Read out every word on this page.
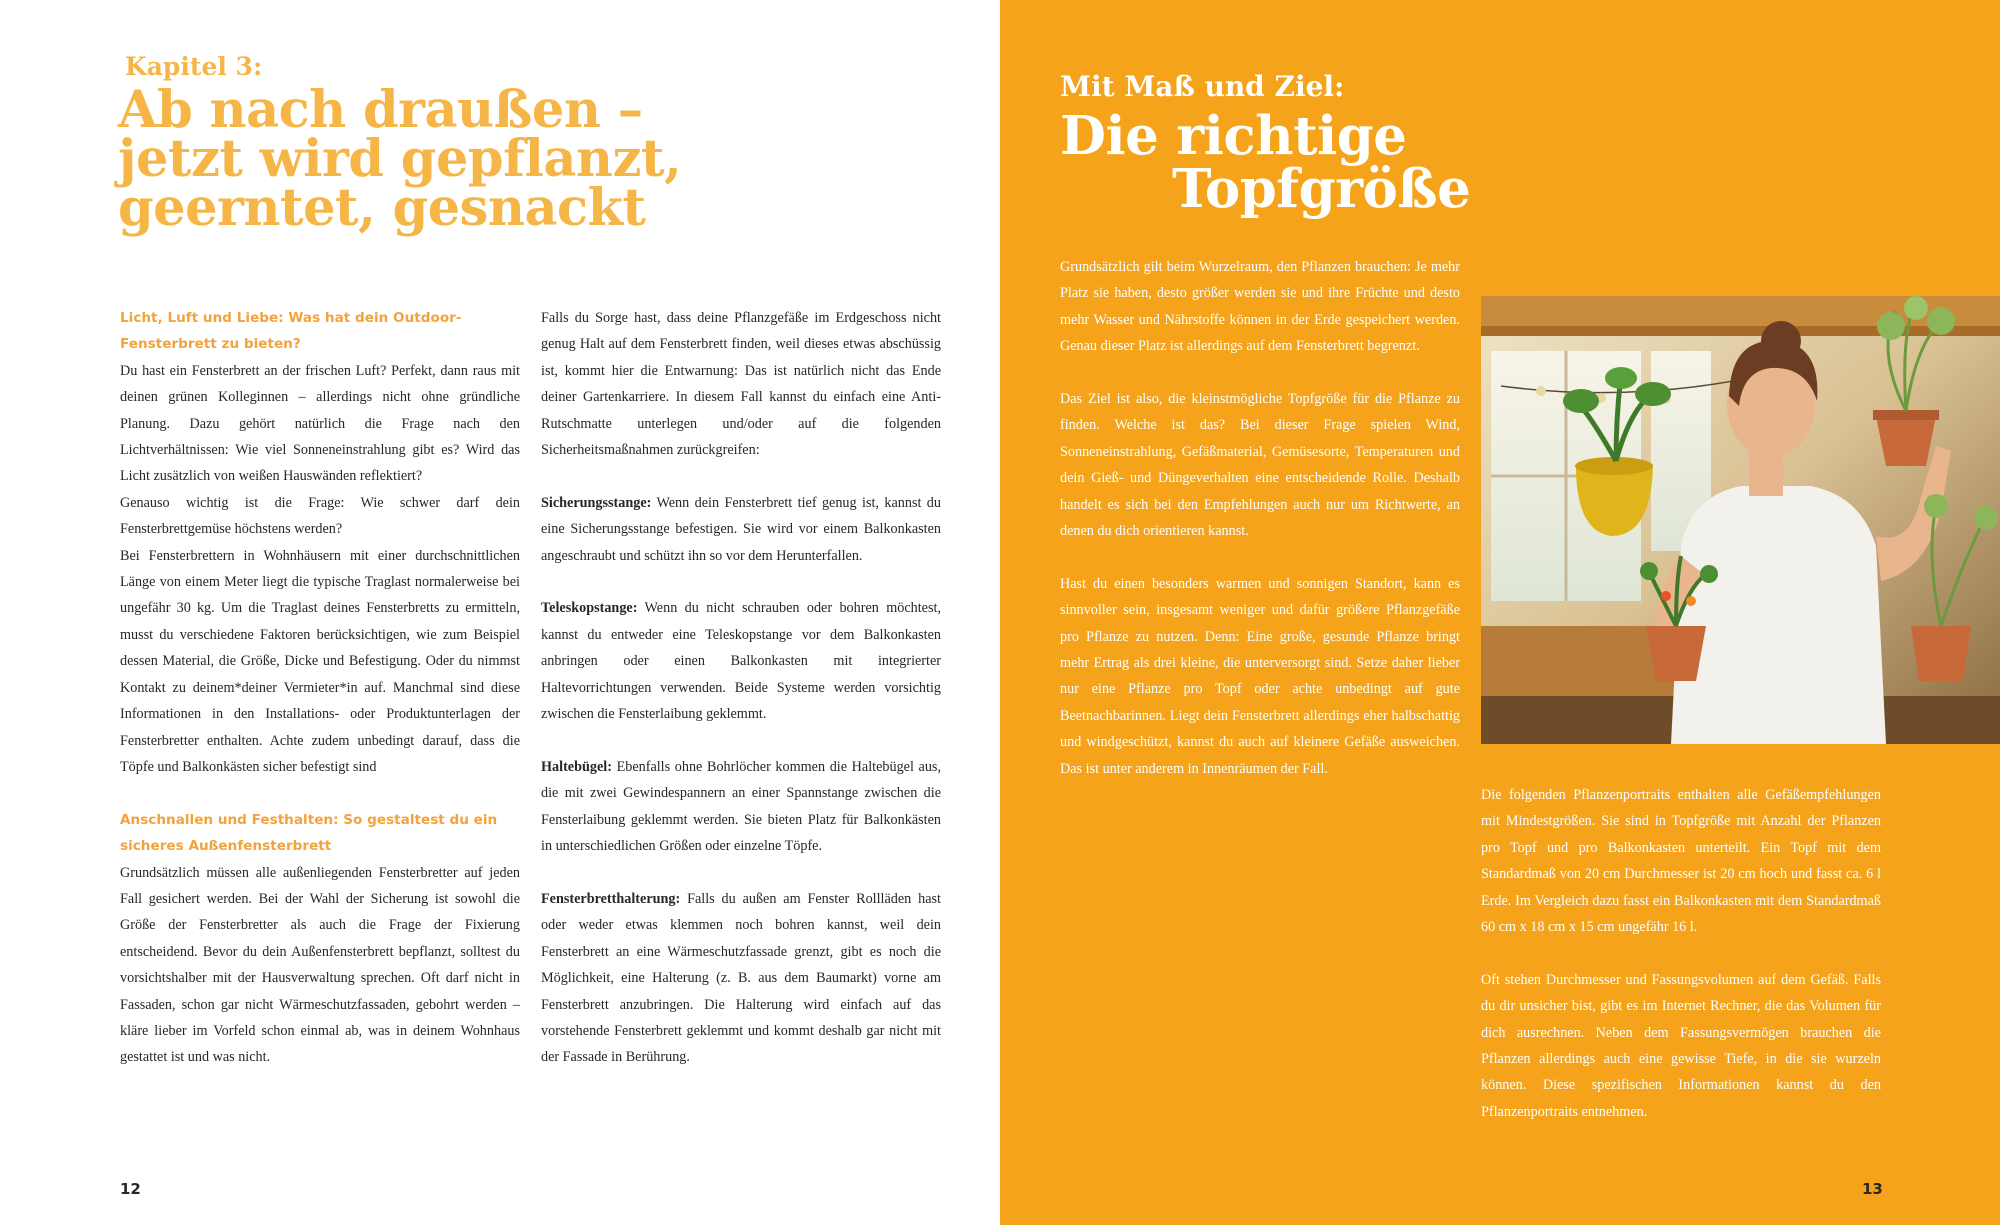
Kapitel 3:
Ab nach draußen –
jetzt wird gepflanzt,
geerntet, gesnackt

Licht, Luft und Liebe: Was hat dein Outdoor-Fensterbrett zu bieten?

Du hast ein Fensterbrett an der frischen Luft? Perfekt, dann raus mit deinen grünen Kolleginnen – allerdings nicht ohne gründliche Planung. Dazu gehört natürlich die Frage nach den Lichtverhältnissen: Wie viel Sonneneinstrahlung gibt es? Wird das Licht zusätzlich von weißen Hauswänden reflektiert?

Genauso wichtig ist die Frage: Wie schwer darf dein Fensterbrettgemüse höchstens werden?

Bei Fensterbrettern in Wohnhäusern mit einer durchschnittlichen Länge von einem Meter liegt die typische Traglast normalerweise bei ungefähr 30 kg. Um die Traglast deines Fensterbretts zu ermitteln, musst du verschiedene Faktoren berücksichtigen, wie zum Beispiel dessen Material, die Größe, Dicke und Befestigung. Oder du nimmst Kontakt zu deinem*deiner Vermieter*in auf. Manchmal sind diese Informationen in den Installations- oder Produktunterlagen der Fensterbretter enthalten. Achte zudem unbedingt darauf, dass die Töpfe und Balkonkästen sicher befestigt sind

Anschnallen und Festhalten: So gestaltest du ein sicheres Außenfensterbrett

Grundsätzlich müssen alle außenliegenden Fensterbretter auf jeden Fall gesichert werden. Bei der Wahl der Sicherung ist sowohl die Größe der Fensterbretter als auch die Frage der Fixierung entscheidend. Bevor du dein Außenfensterbrett bepflanzt, solltest du vorsichtshalber mit der Hausverwaltung sprechen. Oft darf nicht in Fassaden, schon gar nicht Wärmeschutzfassaden, gebohrt werden – kläre lieber im Vorfeld schon einmal ab, was in deinem Wohnhaus gestattet ist und was nicht.

Falls du Sorge hast, dass deine Pflanzgefäße im Erdgeschoss nicht genug Halt auf dem Fensterbrett finden, weil dieses etwas abschüssig ist, kommt hier die Entwarnung: Das ist natürlich nicht das Ende deiner Gartenkarriere. In diesem Fall kannst du einfach eine Anti-Rutschmatte unterlegen und/oder auf die folgenden Sicherheitsmaßnahmen zurückgreifen:

Sicherungsstange: Wenn dein Fensterbrett tief genug ist, kannst du eine Sicherungsstange befestigen. Sie wird vor einem Balkonkasten angeschraubt und schützt ihn so vor dem Herunterfallen.

Teleskopstange: Wenn du nicht schrauben oder bohren möchtest, kannst du entweder eine Teleskopstange vor dem Balkonkasten anbringen oder einen Balkonkasten mit integrierter Haltevorrichtungen verwenden. Beide Systeme werden vorsichtig zwischen die Fensterlaibung geklemmt.

Haltebügel: Ebenfalls ohne Bohrlöcher kommen die Haltebügel aus, die mit zwei Gewindespannern an einer Spannstange zwischen die Fensterlaibung geklemmt werden. Sie bieten Platz für Balkonkästen in unterschiedlichen Größen oder einzelne Töpfe.

Fensterbretthalterung: Falls du außen am Fenster Rollläden hast oder weder etwas klemmen noch bohren kannst, weil dein Fensterbrett an eine Wärmeschutzfassade grenzt, gibt es noch die Möglichkeit, eine Halterung (z. B. aus dem Baumarkt) vorne am Fensterbrett anzubringen. Die Halterung wird einfach auf das vorstehende Fensterbrett geklemmt und kommt deshalb gar nicht mit der Fassade in Berührung.

12
Mit Maß und Ziel:
Die richtige
Topfgröße

Grundsätzlich gilt beim Wurzelraum, den Pflanzen brauchen: Je mehr Platz sie haben, desto größer werden sie und ihre Früchte und desto mehr Wasser und Nährstoffe können in der Erde gespeichert werden. Genau dieser Platz ist allerdings auf dem Fensterbrett begrenzt.

Das Ziel ist also, die kleinstmögliche Topfgröße für die Pflanze zu finden. Welche ist das? Bei dieser Frage spielen Wind, Sonneneinstrahlung, Gefäßmaterial, Gemüsesorte, Temperaturen und dein Gieß- und Düngeverhalten eine entscheidende Rolle. Deshalb handelt es sich bei den Empfehlungen auch nur um Richtwerte, an denen du dich orientieren kannst.

Hast du einen besonders warmen und sonnigen Standort, kann es sinnvoller sein, insgesamt weniger und dafür größere Pflanzgefäße pro Pflanze zu nutzen. Denn: Eine große, gesunde Pflanze bringt mehr Ertrag als drei kleine, die unterversorgt sind. Setze daher lieber nur eine Pflanze pro Topf oder achte unbedingt auf gute Beetnachbarinnen. Liegt dein Fensterbrett allerdings eher halbschattig und windgeschützt, kannst du auch auf kleinere Gefäße ausweichen. Das ist unter anderem in Innenräumen der Fall.

Die folgenden Pflanzenportraits enthalten alle Gefäßempfehlungen mit Mindestgrößen. Sie sind in Topfgröße mit Anzahl der Pflanzen pro Topf und pro Balkonkasten unterteilt. Ein Topf mit dem Standardmaß von 20 cm Durchmesser ist 20 cm hoch und fasst ca. 6 l Erde. Im Vergleich dazu fasst ein Balkonkasten mit dem Standardmaß 60 cm x 18 cm x 15 cm ungefähr 16 l.

Oft stehen Durchmesser und Fassungsvolumen auf dem Gefäß. Falls du dir unsicher bist, gibt es im Internet Rechner, die das Volumen für dich ausrechnen. Neben dem Fassungsvermögen brauchen die Pflanzen allerdings auch eine gewisse Tiefe, in die sie wurzeln können. Diese spezifischen Informationen kannst du den Pflanzenportraits entnehmen.

13
